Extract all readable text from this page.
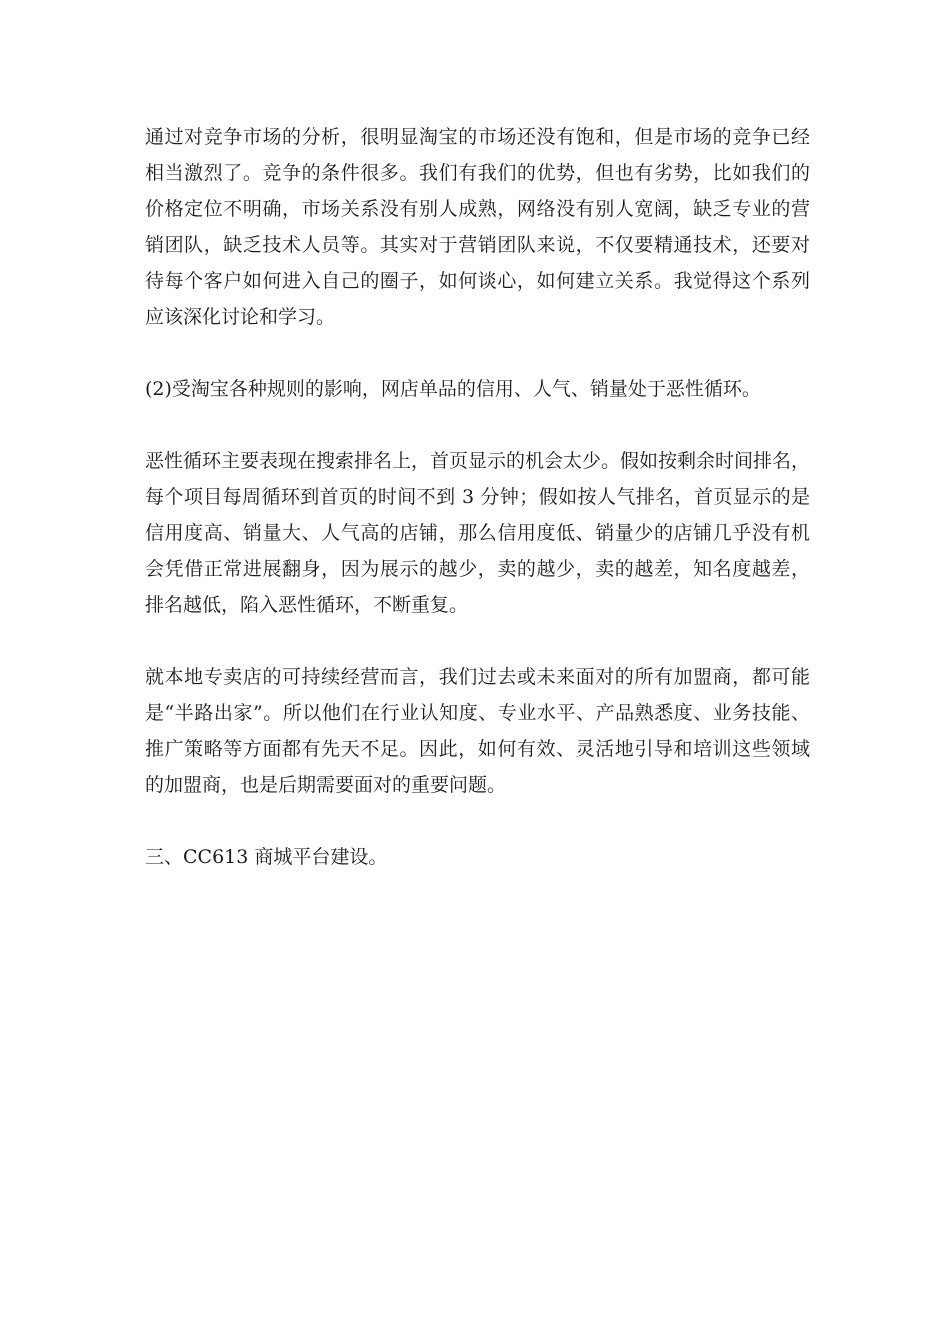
通过对竞争市场的分析，很明显淘宝的市场还没有饱和，但是市场的竞争已经
相当激烈了。竞争的条件很多。我们有我们的优势，但也有劣势，比如我们的
价格定位不明确，市场关系没有别人成熟，网络没有别人宽阔，缺乏专业的营
销团队，缺乏技术人员等。其实对于营销团队来说，不仅要精通技术，还要对
待每个客户如何进入自己的圈子，如何谈心，如何建立关系。我觉得这个系列
应该深化讨论和学习。
(2)受淘宝各种规则的影响，网店单品的信用、人气、销量处于恶性循环。
恶性循环主要表现在搜索排名上，首页显示的机会太少。假如按剩余时间排名，
每个项目每周循环到首页的时间不到 3 分钟；假如按人气排名，首页显示的是
信用度高、销量大、人气高的店铺，那么信用度低、销量少的店铺几乎没有机
会凭借正常进展翻身，因为展示的越少，卖的越少，卖的越差，知名度越差，
排名越低，陷入恶性循环，不断重复。
就本地专卖店的可持续经营而言，我们过去或未来面对的所有加盟商，都可能
是“半路出家”。所以他们在行业认知度、专业水平、产品熟悉度、业务技能、
推广策略等方面都有先天不足。因此，如何有效、灵活地引导和培训这些领域
的加盟商，也是后期需要面对的重要问题。
三、CC613 商城平台建设。
